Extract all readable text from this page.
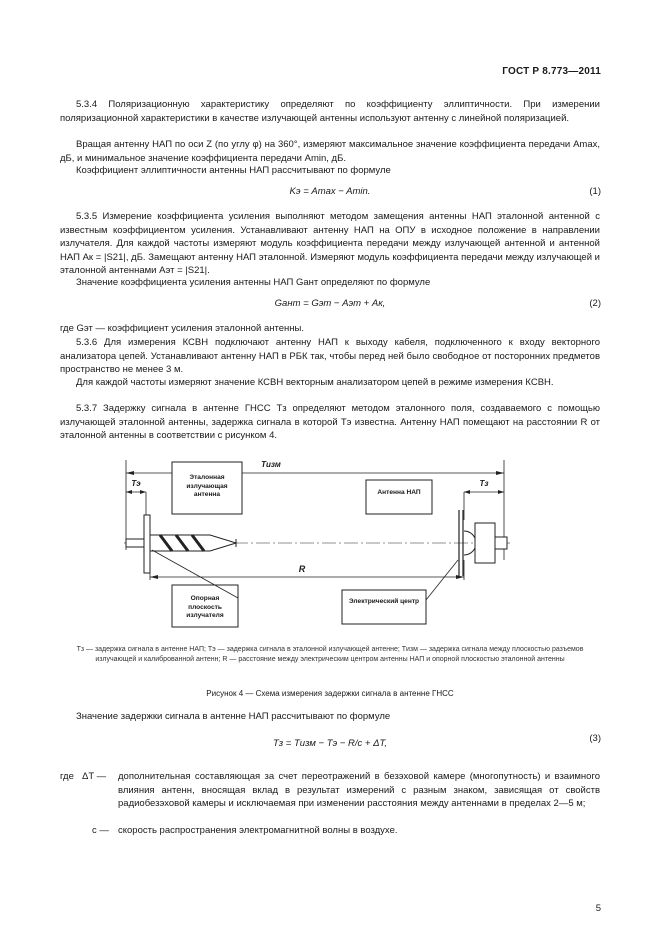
ГОСТ Р 8.773—2011
5.3.4 Поляризационную характеристику определяют по коэффициенту эллиптичности. При измерении поляризационной характеристики в качестве излучающей антенны используют антенну с линейной поляризацией.
Вращая антенну НАП по оси Z (по углу φ) на 360°, измеряют максимальное значение коэффициента передачи Amax, дБ, и минимальное значение коэффициента передачи Amin, дБ.
Коэффициент эллиптичности антенны НАП рассчитывают по формуле
Kэ = Amax − Amin.	(1)
5.3.5 Измерение коэффициента усиления выполняют методом замещения антенны НАП эталонной антенной с известным коэффициентом усиления. Устанавливают антенну НАП на ОПУ в исходное положение в направлении излучателя. Для каждой частоты измеряют модуль коэффициента передачи между излучающей антенной и антенной НАП Aк = |S21|, дБ. Замещают антенну НАП эталонной. Измеряют модуль коэффициента передачи между излучающей и эталонной антеннами Aэт = |S21|.
Значение коэффициента усиления антенны НАП Gант определяют по формуле
Gант = Gэт − Aэт + Aк,	(2)
где Gэт — коэффициент усиления эталонной антенны.
5.3.6 Для измерения КСВН подключают антенну НАП к выходу кабеля, подключенного к входу векторного анализатора цепей. Устанавливают антенну НАП в РБК так, чтобы перед ней было свободное от посторонних предметов пространство не менее 3 м.
Для каждой частоты измеряют значение КСВН векторным анализатором цепей в режиме измерения КСВН.
5.3.7 Задержку сигнала в антенне ГНСС Tз определяют методом эталонного поля, создаваемого с помощью излучающей эталонной антенны, задержка сигнала в которой Tэ известна. Антенну НАП помещают на расстоянии R от эталонной антенны в соответствии с рисунком 4.
Tизм
Tэ	Tз
R
Эталонная излучающая антенна	Антенна НАП
Опорная плоскость излучателя
Электрический центр
Tз — задержка сигнала в антенне НАП; Tэ — задержка сигнала в эталонной излучающей антенне; Tизм — задержка сигнала между плоскостью разъемов излучающей и калиброванной антенн; R — расстояние между электрическим центром антенны НАП и опорной плоскостью эталонной антенны
Рисунок 4 — Схема измерения задержки сигнала в антенне ГНСС
Значение задержки сигнала в антенне НАП рассчитывают по формуле
Tз = Tизм − Tэ − R/c + ΔT,	(3)
где ΔT —	дополнительная составляющая за счет переотражений в безэховой камере (многопутность) и взаимного влияния антенн, вносящая вклад в результат измерений с разным знаком, зависящая от свойств радиобезэховой камеры и исключаемая при изменении расстояния между антеннами в пределах 2—5 м;
c — скорость распространения электромагнитной волны в воздухе.
5
